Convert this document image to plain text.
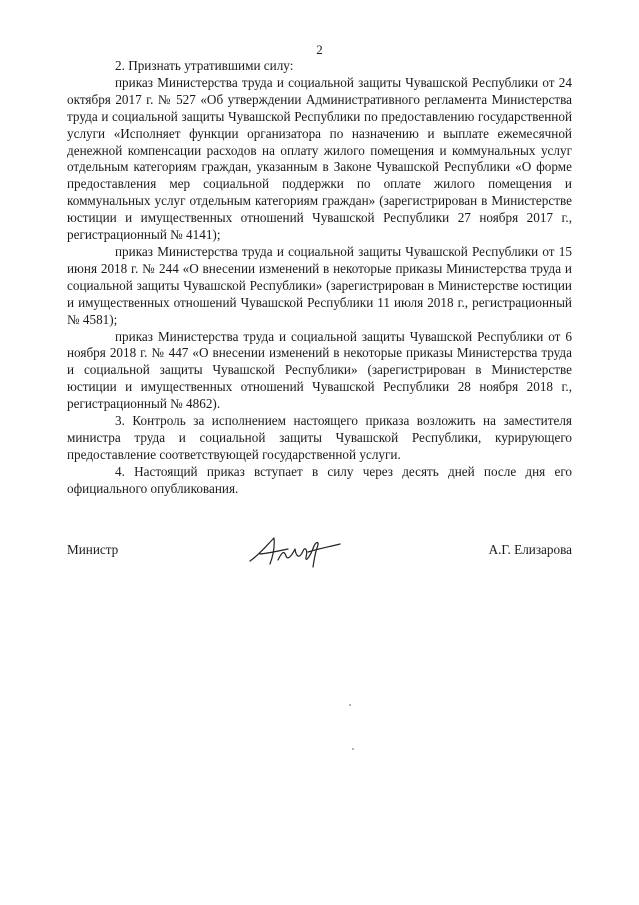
2

2. Признать утратившими силу:

приказ Министерства труда и социальной защиты Чувашской Республики от 24 октября 2017 г. № 527 «Об утверждении Административного регламента Министерства труда и социальной защиты Чувашской Республики по предоставлению государственной услуги «Исполняет функции организатора по назначению и выплате ежемесячной денежной компенсации расходов на оплату жилого помещения и коммунальных услуг отдельным категориям граждан, указанным в Законе Чувашской Республики «О форме предоставления мер социальной поддержки по оплате жилого помещения и коммунальных услуг отдельным категориям граждан» (зарегистрирован в Министерстве юстиции и имущественных отношений Чувашской Республики 27 ноября 2017 г., регистрационный № 4141);

приказ Министерства труда и социальной защиты Чувашской Республики от 15 июня 2018 г. № 244 «О внесении изменений в некоторые приказы Министерства труда и социальной защиты Чувашской Республики» (зарегистрирован в Министерстве юстиции и имущественных отношений Чувашской Республики 11 июля 2018 г., регистрационный № 4581);

приказ Министерства труда и социальной защиты Чувашской Республики от 6 ноября 2018 г. № 447 «О внесении изменений в некоторые приказы Министерства труда и социальной защиты Чувашской Республики» (зарегистрирован в Министерстве юстиции и имущественных отношений Чувашской Республики 28 ноября 2018 г., регистрационный № 4862).

3. Контроль за исполнением настоящего приказа возложить на заместителя министра труда и социальной защиты Чувашской Республики, курирующего предоставление соответствующей государственной услуги.

4. Настоящий приказ вступает в силу через десять дней после дня его официального опубликования.

Министр	А.Г. Елизарова
